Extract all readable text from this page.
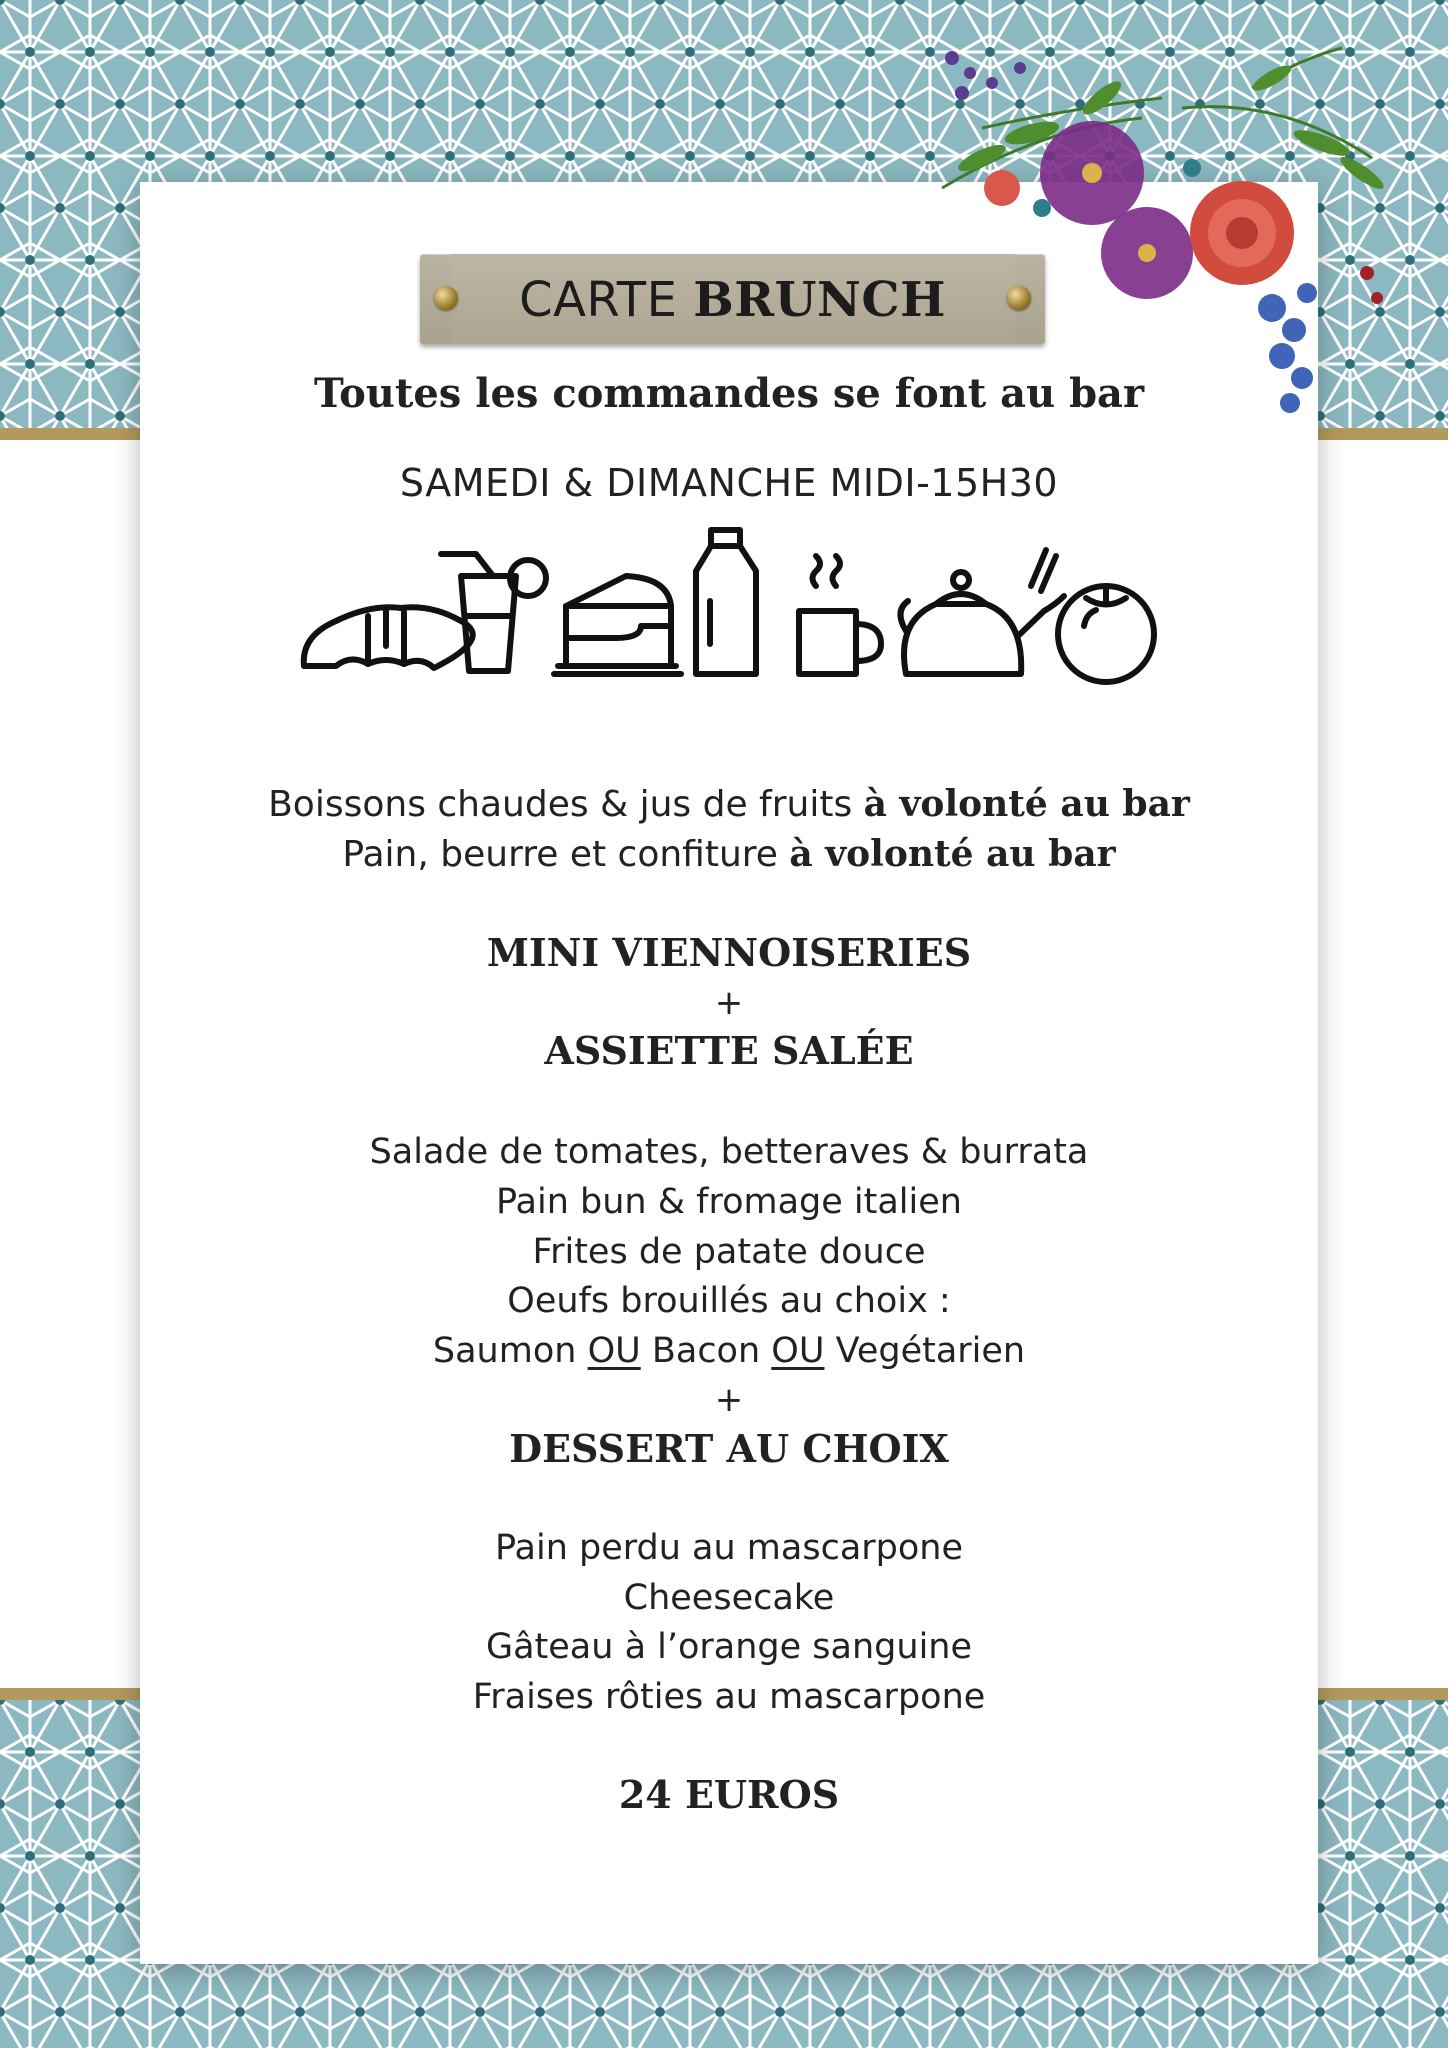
CARTE BRUNCH
Toutes les commandes se font au bar
SAMEDI & DIMANCHE MIDI-15H30
Boissons chaudes & jus de fruits à volonté au bar
Pain, beurre et confiture à volonté au bar
MINI VIENNOISERIES
+
ASSIETTE SALÉE
Salade de tomates, betteraves & burrata
Pain bun & fromage italien
Frites de patate douce
Oeufs brouillés au choix :
Saumon OU Bacon OU Vegétarien
+
DESSERT AU CHOIX
Pain perdu au mascarpone
Cheesecake
Gâteau à l’orange sanguine
Fraises rôties au mascarpone
24 EUROS
